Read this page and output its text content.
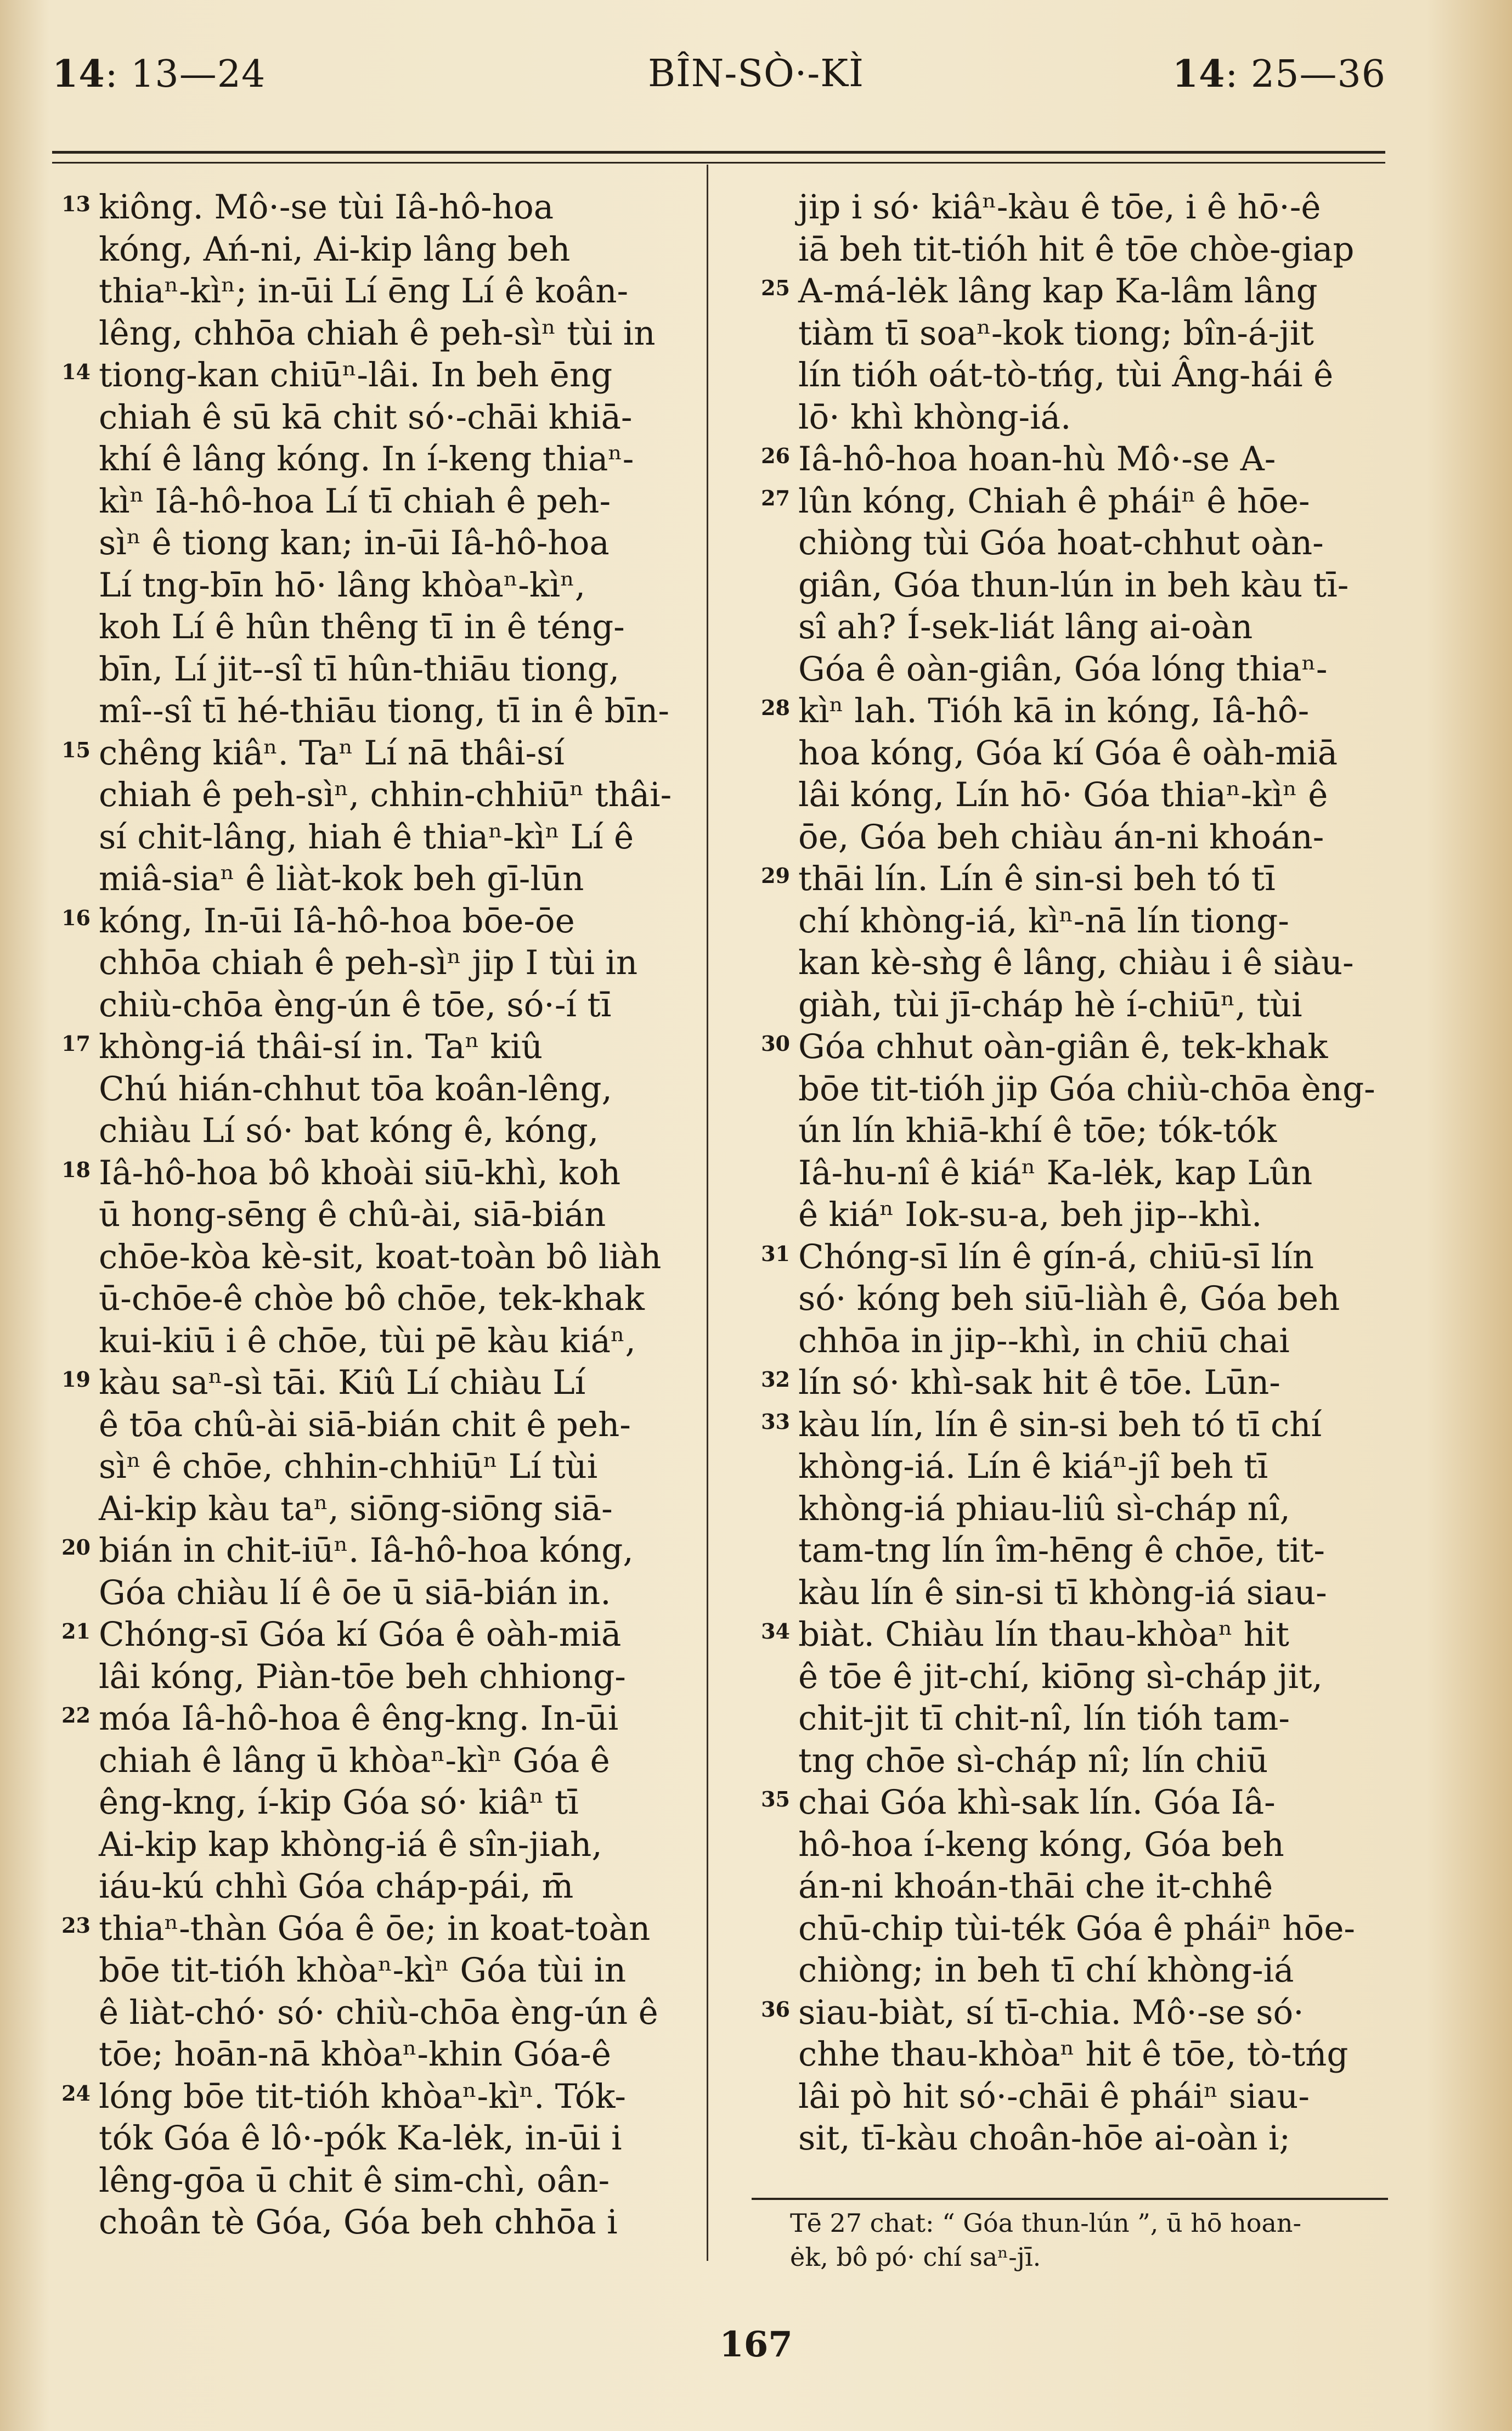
14: 13—24	BÎN-SÒ·-KÌ	14: 25—36
13 kiông. Mô·-se tùi Iâ-hô-hoa
kóng, Ań-ni, Ai-kip lâng beh
thiaⁿ-kìⁿ; in-ūi Lí ēng Lí ê koân-
lêng, chhōa chiah ê peh-sìⁿ tùi in
14 tiong-kan chiūⁿ-lâi. In beh ēng
chiah ê sū kā chit só·-chāi khiā-
khí ê lâng kóng. In í-keng thiaⁿ-
kìⁿ Iâ-hô-hoa Lí tī chiah ê peh-
sìⁿ ê tiong kan; in-ūi Iâ-hô-hoa
Lí tng-bīn hō· lâng khòaⁿ-kìⁿ,
koh Lí ê hûn thêng tī in ê téng-
bīn, Lí jit--sî tī hûn-thiāu tiong,
mî--sî tī hé-thiāu tiong, tī in ê bīn-
15 chêng kiâⁿ. Taⁿ Lí nā thâi-sí
chiah ê peh-sìⁿ, chhin-chhiūⁿ thâi-
sí chit-lâng, hiah ê thiaⁿ-kìⁿ Lí ê
miâ-siaⁿ ê liàt-kok beh gī-lūn
16 kóng, In-ūi Iâ-hô-hoa bōe-ōe
chhōa chiah ê peh-sìⁿ jip I tùi in
chiù-chōa èng-ún ê tōe, só·-í tī
17 khòng-iá thâi-sí in. Taⁿ kiû
Chú hián-chhut tōa koân-lêng,
chiàu Lí só· bat kóng ê, kóng,
18 Iâ-hô-hoa bô khoài siū-khì, koh
ū hong-sēng ê chû-ài, siā-bián
chōe-kòa kè-sit, koat-toàn bô liàh
ū-chōe-ê chòe bô chōe, tek-khak
kui-kiū i ê chōe, tùi pē kàu kiáⁿ,
19 kàu saⁿ-sì tāi. Kiû Lí chiàu Lí
ê tōa chû-ài siā-bián chit ê peh-
sìⁿ ê chōe, chhin-chhiūⁿ Lí tùi
Ai-kip kàu taⁿ, siōng-siōng siā-
20 bián in chit-iūⁿ. Iâ-hô-hoa kóng,
Góa chiàu lí ê ōe ū siā-bián in.
21 Chóng-sī Góa kí Góa ê oàh-miā
lâi kóng, Piàn-tōe beh chhiong-
22 móa Iâ-hô-hoa ê êng-kng. In-ūi
chiah ê lâng ū khòaⁿ-kìⁿ Góa ê
êng-kng, í-kip Góa só· kiâⁿ tī
Ai-kip kap khòng-iá ê sîn-jiah,
iáu-kú chhì Góa cháp-pái, m̄
23 thiaⁿ-thàn Góa ê ōe; in koat-toàn
bōe tit-tióh khòaⁿ-kìⁿ Góa tùi in
ê liàt-chó· só· chiù-chōa èng-ún ê
tōe; hoān-nā khòaⁿ-khin Góa-ê
24 lóng bōe tit-tióh khòaⁿ-kìⁿ. Tók-
tók Góa ê lô·-pók Ka-lėk, in-ūi i
lêng-gōa ū chit ê sim-chì, oân-
choân tè Góa, Góa beh chhōa i
jip i só· kiâⁿ-kàu ê tōe, i ê hō·-ê
iā beh tit-tióh hit ê tōe chòe-giap
25 A-má-lėk lâng kap Ka-lâm lâng
tiàm tī soaⁿ-kok tiong; bîn-á-jit
lín tióh oát-tò-tńg, tùi Âng-hái ê
lō· khì khòng-iá.
26 Iâ-hô-hoa hoan-hù Mô·-se A-
27 lûn kóng, Chiah ê pháiⁿ ê hōe-
chiòng tùi Góa hoat-chhut oàn-
giân, Góa thun-lún in beh kàu tī-
sî ah? Í-sek-liát lâng ai-oàn
Góa ê oàn-giân, Góa lóng thiaⁿ-
28 kìⁿ lah. Tióh kā in kóng, Iâ-hô-
hoa kóng, Góa kí Góa ê oàh-miā
lâi kóng, Lín hō· Góa thiaⁿ-kìⁿ ê
ōe, Góa beh chiàu án-ni khoán-
29 thāi lín. Lín ê sin-si beh tó tī
chí khòng-iá, kìⁿ-nā lín tiong-
kan kè-sǹg ê lâng, chiàu i ê siàu-
giàh, tùi jī-cháp hè í-chiūⁿ, tùi
30 Góa chhut oàn-giân ê, tek-khak
bōe tit-tióh jip Góa chiù-chōa èng-
ún lín khiā-khí ê tōe; tók-tók
Iâ-hu-nî ê kiáⁿ Ka-lėk, kap Lûn
ê kiáⁿ Iok-su-a, beh jip--khì.
31 Chóng-sī lín ê gín-á, chiū-sī lín
só· kóng beh siū-liàh ê, Góa beh
chhōa in jip--khì, in chiū chai
32 lín só· khì-sak hit ê tōe. Lūn-
33 kàu lín, lín ê sin-si beh tó tī chí
khòng-iá. Lín ê kiáⁿ-jî beh tī
khòng-iá phiau-liû sì-cháp nî,
tam-tng lín îm-hēng ê chōe, tit-
kàu lín ê sin-si tī khòng-iá siau-
34 biàt. Chiàu lín thau-khòaⁿ hit
ê tōe ê jit-chí, kiōng sì-cháp jit,
chit-jit tī chit-nî, lín tióh tam-
tng chōe sì-cháp nî; lín chiū
35 chai Góa khì-sak lín. Góa Iâ-
hô-hoa í-keng kóng, Góa beh
án-ni khoán-thāi che it-chhê
chū-chip tùi-ték Góa ê pháiⁿ hōe-
chiòng; in beh tī chí khòng-iá
36 siau-biàt, sí tī-chia. Mô·-se só·
chhe thau-khòaⁿ hit ê tōe, tò-tńg
lâi pò hit só·-chāi ê pháiⁿ siau-
sit, tī-kàu choân-hōe ai-oàn i;
Tē 27 chat: “ Góa thun-lún ”, ū hō hoan-
ėk, bô pó· chí saⁿ-jī.
167
